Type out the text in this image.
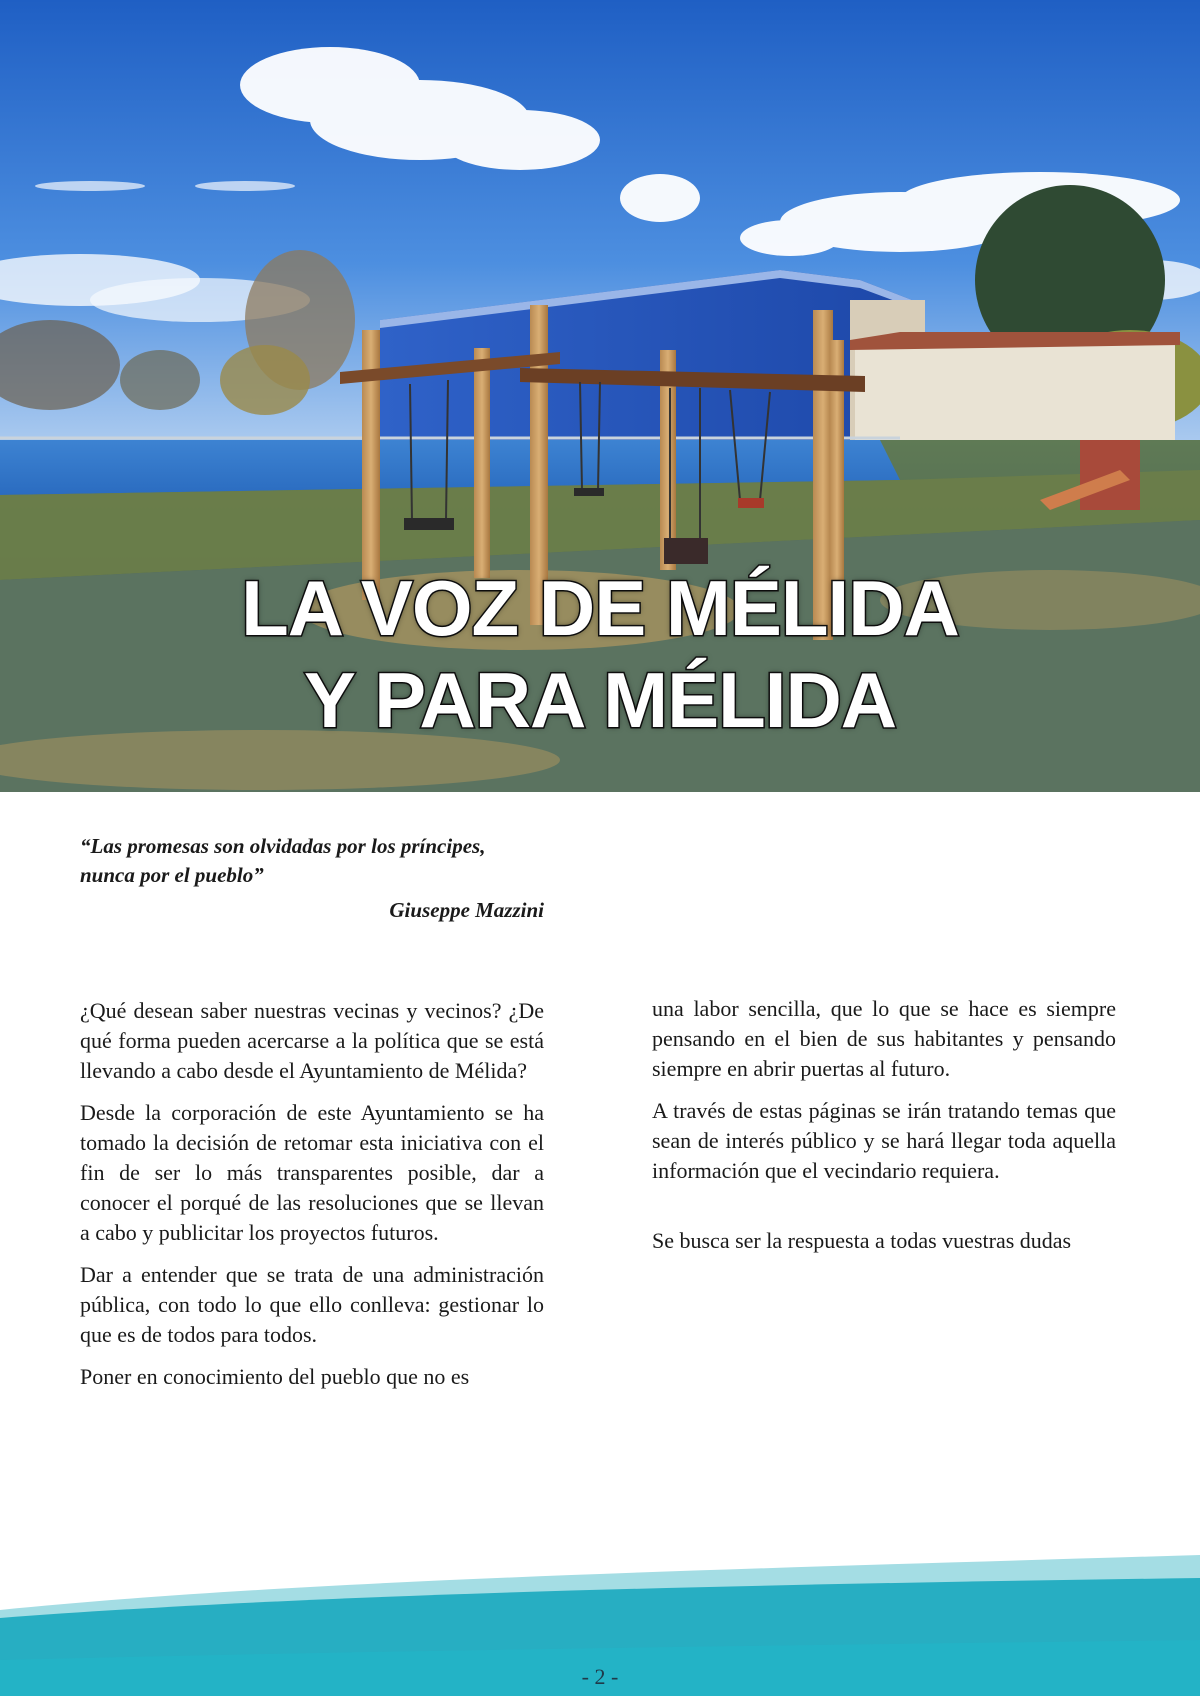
LA VOZ DE MÉLIDA
Y PARA MÉLIDA

“Las promesas son olvidadas por los príncipes,

nunca por el pueblo”

Giuseppe Mazzini

¿Qué desean saber nuestras vecinas y vecinos? ¿De qué forma pueden acercarse a la política que se está llevando a cabo desde el Ayuntamiento de Mélida?

Desde la corporación de este Ayuntamiento se ha tomado la decisión de retomar esta iniciativa con el fin de ser lo más transparentes posible, dar a conocer el porqué de las resoluciones que se llevan a cabo y publicitar los proyectos futuros.

Dar a entender que se trata de una administración pública, con todo lo que ello conlleva: gestionar lo que es de todos para todos.

Poner en conocimiento del pueblo que no es

una labor sencilla, que lo que se hace es siempre pensando en el bien de sus habitantes y pensando siempre en abrir puertas al futuro.

A través de estas páginas se irán tratando temas que sean de interés público y se hará llegar toda aquella información que el vecindario requiera.

Se busca ser la respuesta a todas vuestras dudas

- 2 -
